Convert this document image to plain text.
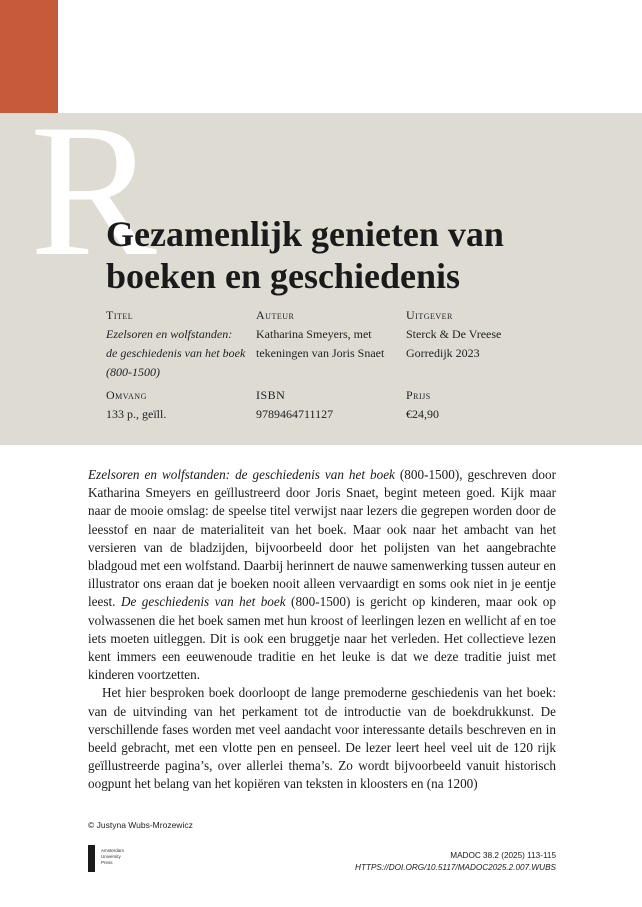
R
Gezamenlijk genieten van
boeken en geschiedenis
Titel
Ezelsoren en wolfstanden:
de geschiedenis van het boek
(800-1500)
Auteur
Katharina Smeyers, met
tekeningen van Joris Snaet
Uitgever
Sterck & De Vreese
Gorredijk 2023
Omvang
133 p., geïll.
ISBN
9789464711127
Prijs
€24,90

Ezelsoren en wolfstanden: de geschiedenis van het boek (800-1500), geschreven door Katharina Smeyers en geïllustreerd door Joris Snaet, begint meteen goed. Kijk maar naar de mooie omslag: de speelse titel verwijst naar lezers die gegrepen worden door de leesstof en naar de materialiteit van het boek. Maar ook naar het ambacht van het versieren van de bladzijden, bijvoorbeeld door het polijsten van het aangebrachte bladgoud met een wolfstand. Daarbij herinnert de nauwe samenwerking tussen auteur en illustrator ons eraan dat je boeken nooit alleen vervaardigt en soms ook niet in je eentje leest. De geschiedenis van het boek (800-1500) is gericht op kinderen, maar ook op volwassenen die het boek samen met hun kroost of leerlingen lezen en wellicht af en toe iets moeten uitleggen. Dit is ook een bruggetje naar het verleden. Het collectieve lezen kent immers een eeuwenoude traditie en het leuke is dat we deze traditie juist met kinderen voortzetten.

Het hier besproken boek doorloopt de lange premoderne geschiedenis van het boek: van de uitvinding van het perkament tot de introductie van de boekdrukkunst. De verschillende fases worden met veel aandacht voor interessante details beschreven en in beeld gebracht, met een vlotte pen en penseel. De lezer leert heel veel uit de 120 rijk geïllustreerde pagina’s, over allerlei thema’s. Zo wordt bijvoorbeeld vanuit historisch oogpunt het belang van het kopiëren van teksten in kloosters en (na 1200)

© Justyna Wubs-Mrozewicz
Amsterdam
University
Press
MADOC 38.2 (2025) 113-115
HTTPS://DOI.ORG/10.5117/MADOC2025.2.007.WUBS
